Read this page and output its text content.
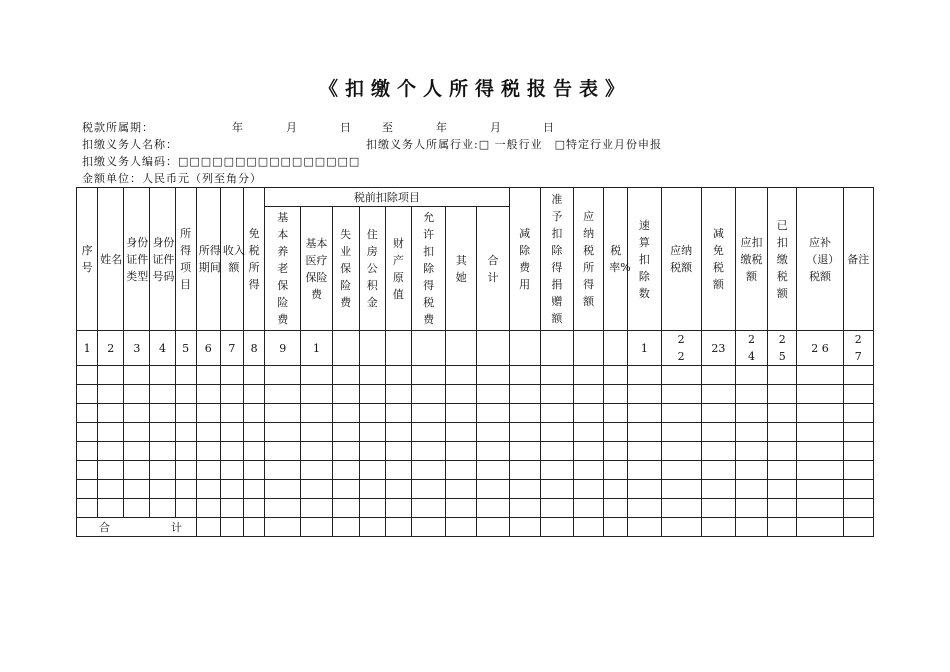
《扣缴个人所得税报告表》
税款所属期：	年	月	日	至	年	月	日
扣缴义务人名称：	扣缴义务人所属行业:□ 一般行业　□特定行业月份申报
扣缴义务人编码：□□□□□□□□□□□□□□□□
金额单位：人民币元（列至角分）
序号	姓名	身份证件类型	身份证件号码	所得项目	所得期间	收入额	免税所得	税前扣除项目								减除费用	准予扣除得捐赠额	应纳税所得额	税率%	速算扣除数	应纳税额	减免税额	应扣缴税额	已扣缴税额	应补（退）税额	备注
								基本养老保险费	基本医疗保险费	失业保险费	住房公积金	财产原值	允许扣除得税费	其她	合计											
1	2	3	4	5	6	7	8	9	1											1	22	23	24	25	2 6	27

合　　　　　计																										
